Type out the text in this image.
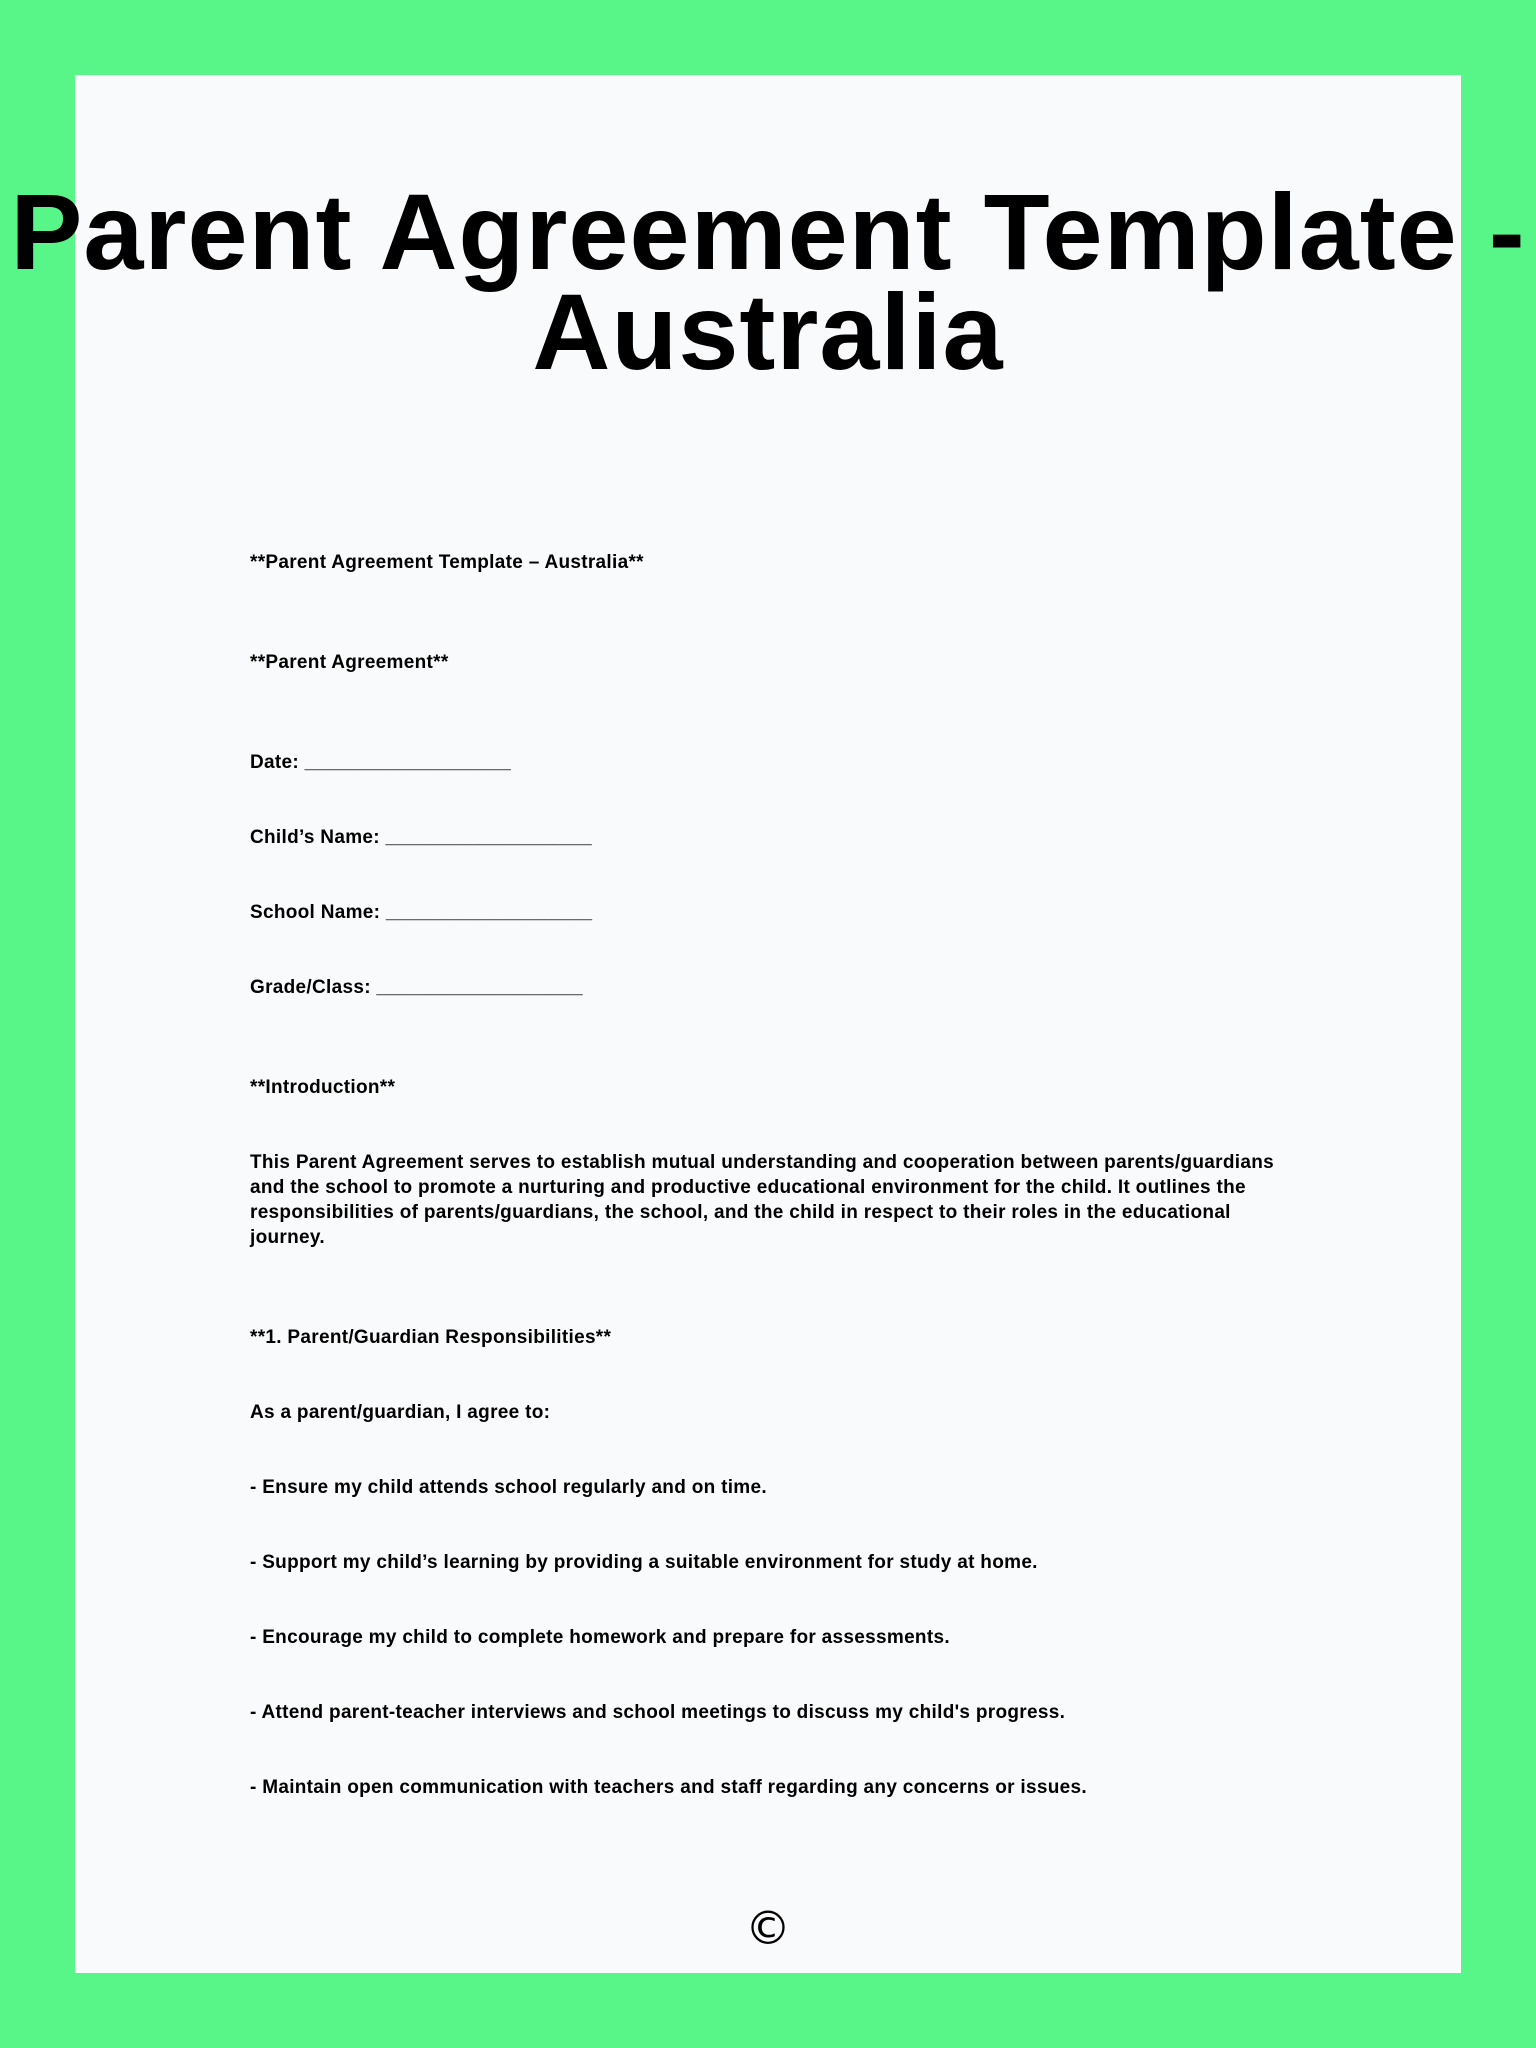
Parent Agreement Template -
Australia
**Parent Agreement Template – Australia**
**Parent Agreement**
Date: ___________________
Child’s Name: ___________________
School Name: ___________________
Grade/Class: ___________________
**Introduction**
This Parent Agreement serves to establish mutual understanding and cooperation between parents/guardians and the school to promote a nurturing and productive educational environment for the child. It outlines the responsibilities of parents/guardians, the school, and the child in respect to their roles in the educational journey.
**1. Parent/Guardian Responsibilities**
As a parent/guardian, I agree to:
- Ensure my child attends school regularly and on time.
- Support my child’s learning by providing a suitable environment for study at home.
- Encourage my child to complete homework and prepare for assessments.
- Attend parent-teacher interviews and school meetings to discuss my child's progress.
- Maintain open communication with teachers and staff regarding any concerns or issues.
©
